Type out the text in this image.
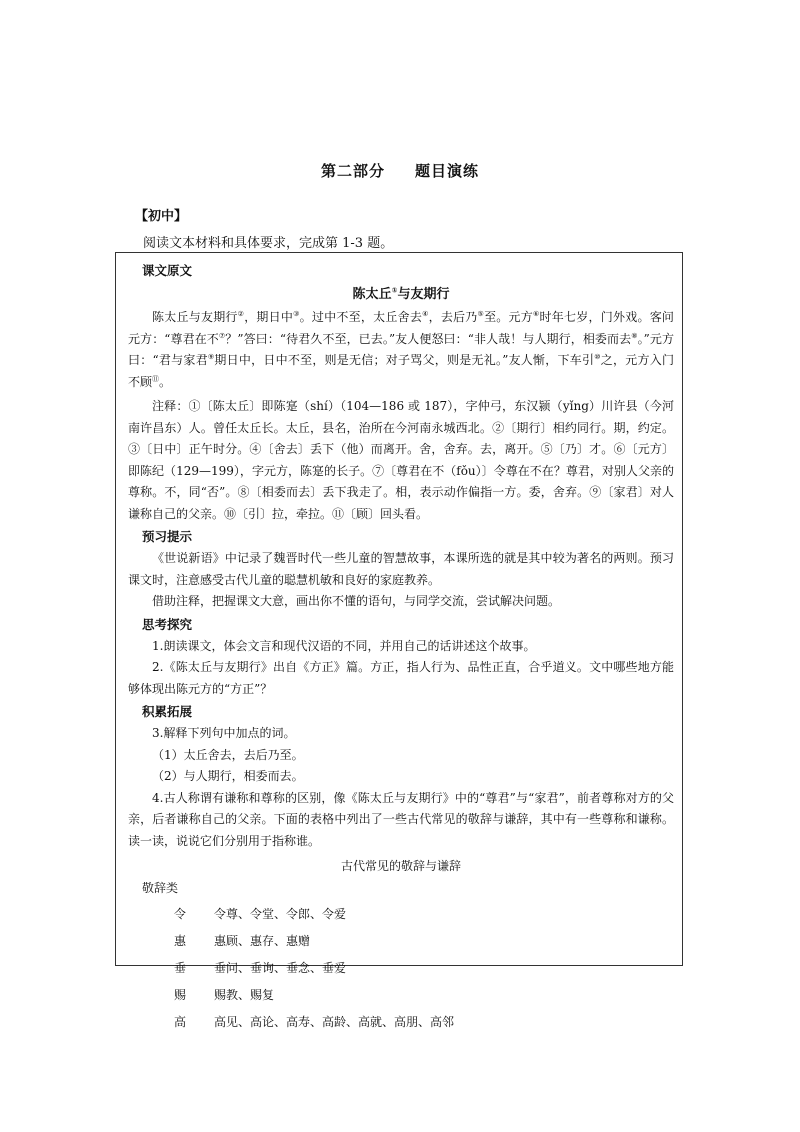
第二部分 题目演练
【初中】
阅读文本材料和具体要求，完成第 1-3 题。
课文原文
陈太丘①与友期行

陈太丘与友期行②，期日中③。过中不至，太丘舍去④，去后乃⑤至。元方⑥时年七岁，门外戏。客问元方：“尊君在不⑦？”答曰：“待君久不至，已去。”友人便怒曰：“非人哉！与人期行，相委而去⑧。”元方曰：“君与家君⑨期日中，日中不至，则是无信；对子骂父，则是无礼。”友人惭，下车引⑩之，元方入门不顾⑪。

注释：①〔陈太丘〕即陈寔（shí）（104—186 或 187），字仲弓，东汉颍（yǐng）川许县（今河南许昌东）人。曾任太丘长。太丘，县名，治所在今河南永城西北。②〔期行〕相约同行。期，约定。③〔日中〕正午时分。④〔舍去〕丢下（他）而离开。舍，舍弃。去，离开。⑤〔乃〕才。⑥〔元方〕即陈纪（129—199），字元方，陈寔的长子。⑦〔尊君在不（fǒu）〕令尊在不在？尊君，对别人父亲的尊称。不，同“否”。⑧〔相委而去〕丢下我走了。相，表示动作偏指一方。委，舍弃。⑨〔家君〕对人谦称自己的父亲。⑩〔引〕拉，牵拉。⑪〔顾〕回头看。

预习提示

《世说新语》中记录了魏晋时代一些儿童的智慧故事，本课所选的就是其中较为著名的两则。预习课文时，注意感受古代儿童的聪慧机敏和良好的家庭教养。

借助注释，把握课文大意，画出你不懂的语句，与同学交流，尝试解决问题。

思考探究

1.朗读课文，体会文言和现代汉语的不同，并用自己的话讲述这个故事。

2.《陈太丘与友期行》出自《方正》篇。方正，指人行为、品性正直，合乎道义。文中哪些地方能够体现出陈元方的“方正”？

积累拓展

3.解释下列句中加点的词。

（1）太丘舍去，去后乃至。

（2）与人期行，相委而去。

4.古人称谓有谦称和尊称的区别，像《陈太丘与友期行》中的“尊君”与“家君”，前者尊称对方的父亲，后者谦称自己的父亲。下面的表格中列出了一些古代常见的敬辞与谦辞，其中有一些尊称和谦称。读一读，说说它们分别用于指称谁。

古代常见的敬辞与谦辞
敬辞类
令	令尊、令堂、令郎、令爱
惠	惠顾、惠存、惠赠
垂	垂问、垂询、垂念、垂爱
赐	赐教、赐复
高	高见、高论、高寿、高龄、高就、高朋、高邻
